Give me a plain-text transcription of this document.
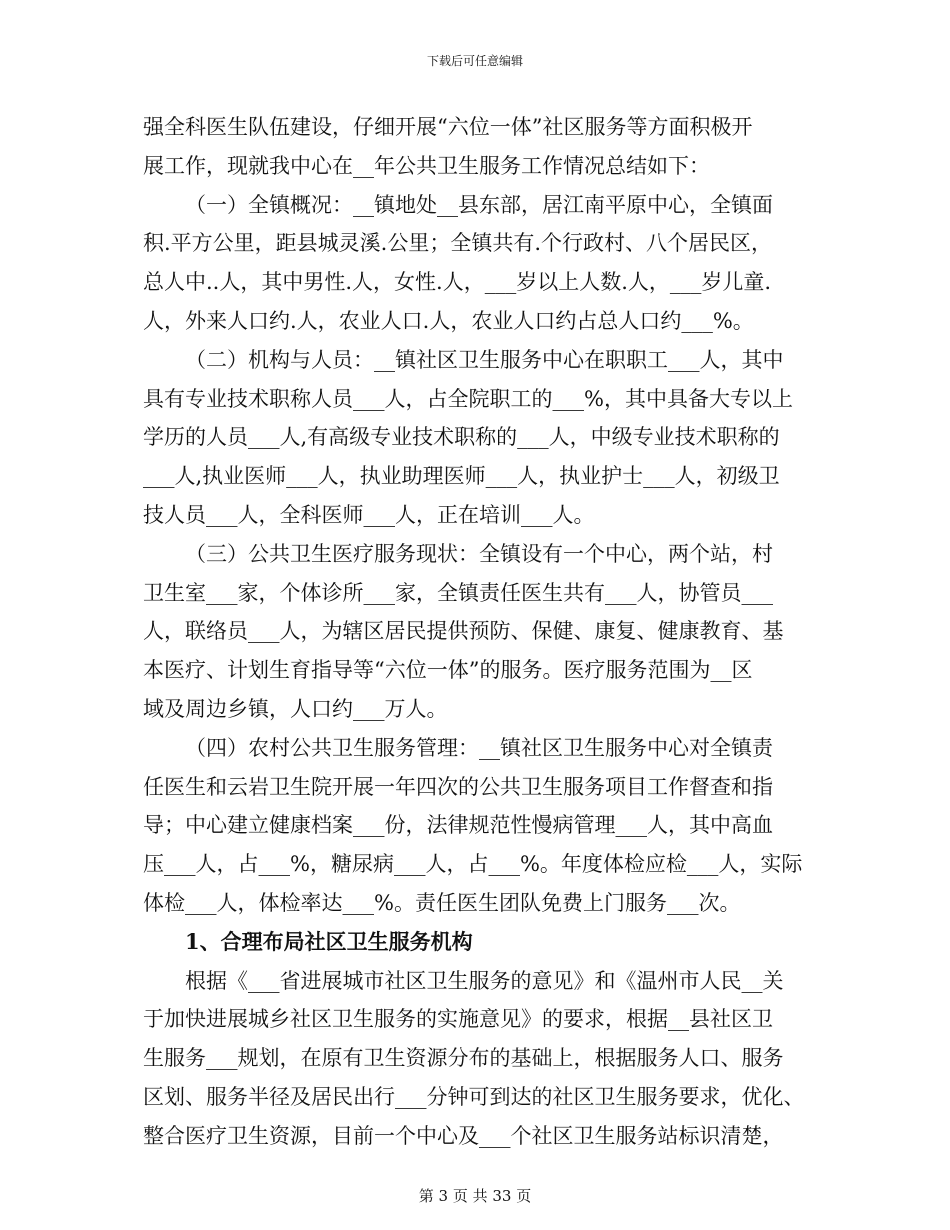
下载后可任意编辑
强全科医生队伍建设，仔细开展“六位一体”社区服务等方面积极开
展工作，现就我中心在__年公共卫生服务工作情况总结如下：
（一）全镇概况：__镇地处__县东部，居江南平原中心，全镇面
积.平方公里，距县城灵溪.公里；全镇共有.个行政村、八个居民区，
总人中..人，其中男性.人，女性.人，___岁以上人数.人，___岁儿童.
人，外来人口约.人，农业人口.人，农业人口约占总人口约___%。
（二）机构与人员：__镇社区卫生服务中心在职职工___人，其中
具有专业技术职称人员___人，占全院职工的___%，其中具备大专以上
学历的人员___人,有高级专业技术职称的___人，中级专业技术职称的
___人,执业医师___人，执业助理医师___人，执业护士___人，初级卫
技人员___人，全科医师___人，正在培训___人。
（三）公共卫生医疗服务现状：全镇设有一个中心，两个站，村
卫生室___家，个体诊所___家，全镇责任医生共有___人，协管员___
人，联络员___人，为辖区居民提供预防、保健、康复、健康教育、基
本医疗、计划生育指导等“六位一体”的服务。医疗服务范围为__区
域及周边乡镇，人口约___万人。
（四）农村公共卫生服务管理：__镇社区卫生服务中心对全镇责
任医生和云岩卫生院开展一年四次的公共卫生服务项目工作督查和指
导；中心建立健康档案___份，法律规范性慢病管理___人，其中高血
压___人，占___%，糖尿病___人，占___%。年度体检应检___人，实际
体检___人，体检率达___%。责任医生团队免费上门服务___次。
1、合理布局社区卫生服务机构
根据《___省进展城市社区卫生服务的意见》和《温州市人民__关
于加快进展城乡社区卫生服务的实施意见》的要求，根据__县社区卫
生服务___规划，在原有卫生资源分布的基础上，根据服务人口、服务
区划、服务半径及居民出行___分钟可到达的社区卫生服务要求，优化、
整合医疗卫生资源，目前一个中心及___个社区卫生服务站标识清楚，
第 3 页 共 33 页
